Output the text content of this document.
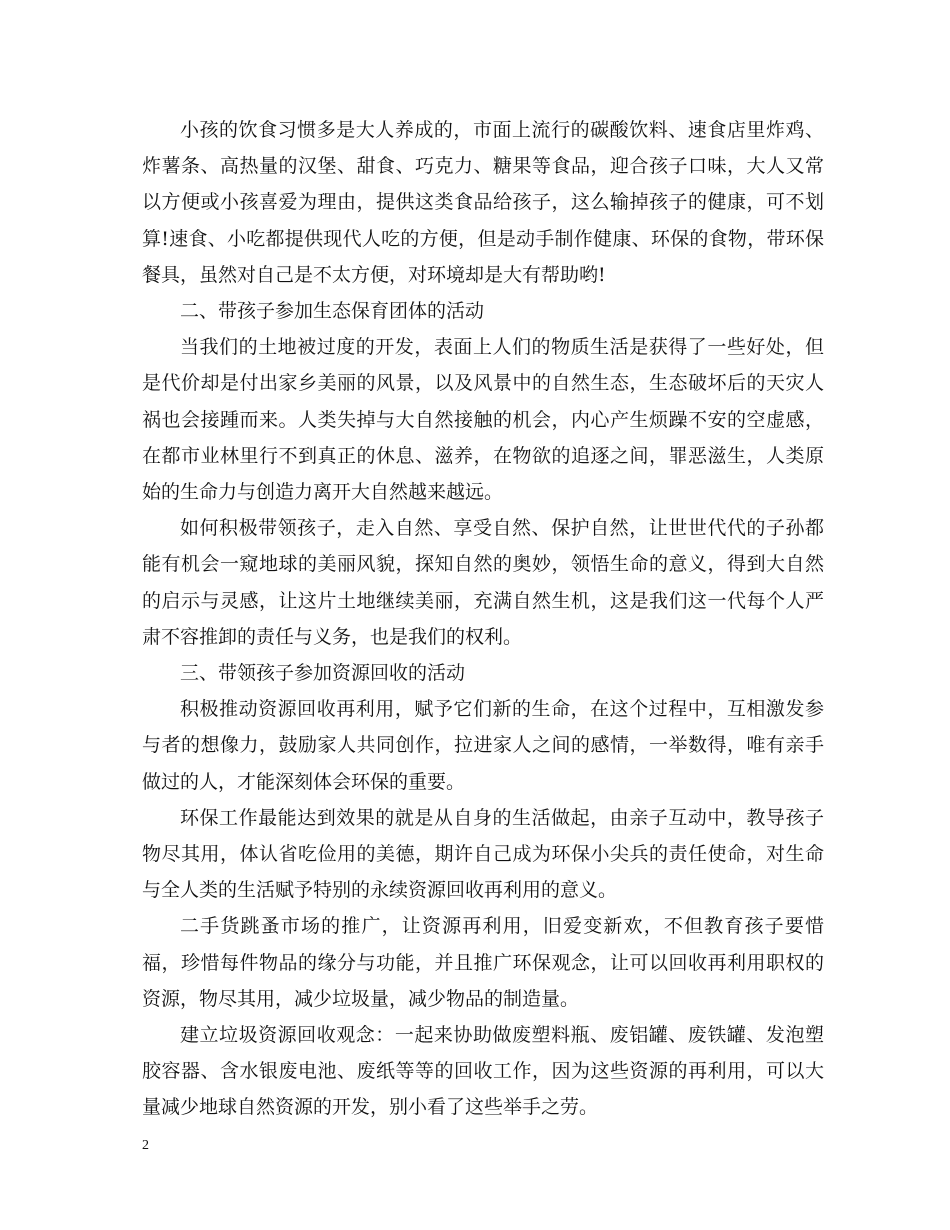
小孩的饮食习惯多是大人养成的，市面上流行的碳酸饮料、速食店里炸鸡、炸薯条、高热量的汉堡、甜食、巧克力、糖果等食品，迎合孩子口味，大人又常以方便或小孩喜爱为理由，提供这类食品给孩子，这么输掉孩子的健康，可不划算!速食、小吃都提供现代人吃的方便，但是动手制作健康、环保的食物，带环保餐具，虽然对自己是不太方便，对环境却是大有帮助哟!

二、带孩子参加生态保育团体的活动

当我们的土地被过度的开发，表面上人们的物质生活是获得了一些好处，但是代价却是付出家乡美丽的风景，以及风景中的自然生态，生态破坏后的天灾人祸也会接踵而来。人类失掉与大自然接触的机会，内心产生烦躁不安的空虚感，在都市业林里行不到真正的休息、滋养，在物欲的追逐之间，罪恶滋生，人类原始的生命力与创造力离开大自然越来越远。

如何积极带领孩子，走入自然、享受自然、保护自然，让世世代代的子孙都能有机会一窥地球的美丽风貌，探知自然的奥妙，领悟生命的意义，得到大自然的启示与灵感，让这片土地继续美丽，充满自然生机，这是我们这一代每个人严肃不容推卸的责任与义务，也是我们的权利。

三、带领孩子参加资源回收的活动

积极推动资源回收再利用，赋予它们新的生命，在这个过程中，互相激发参与者的想像力，鼓励家人共同创作，拉进家人之间的感情，一举数得，唯有亲手做过的人，才能深刻体会环保的重要。

环保工作最能达到效果的就是从自身的生活做起，由亲子互动中，教导孩子物尽其用，体认省吃俭用的美德，期许自己成为环保小尖兵的责任使命，对生命与全人类的生活赋予特别的永续资源回收再利用的意义。

二手货跳蚤市场的推广，让资源再利用，旧爱变新欢，不但教育孩子要惜福，珍惜每件物品的缘分与功能，并且推广环保观念，让可以回收再利用职权的资源，物尽其用，减少垃圾量，减少物品的制造量。

建立垃圾资源回收观念：一起来协助做废塑料瓶、废铝罐、废铁罐、发泡塑胶容器、含水银废电池、废纸等等的回收工作，因为这些资源的再利用，可以大量减少地球自然资源的开发，别小看了这些举手之劳。

2
